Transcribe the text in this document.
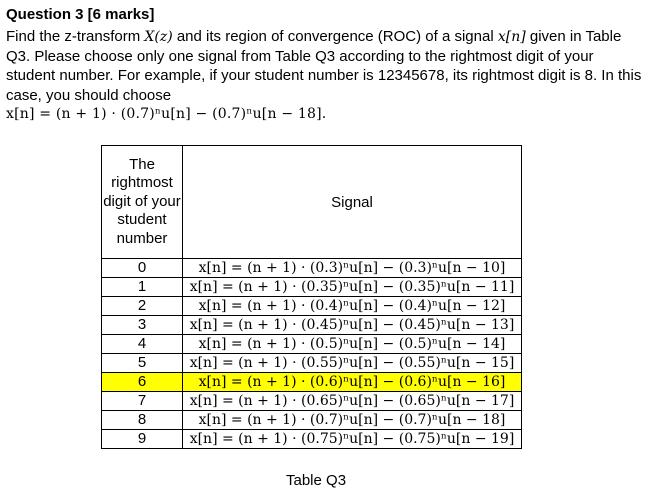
Question 3 [6 marks]
Find the z-transform X(z) and its region of convergence (ROC) of a signal x[n] given in Table Q3. Please choose only one signal from Table Q3 according to the rightmost digit of your student number. For example, if your student number is 12345678, its rightmost digit is 8. In this case, you should choose
x[n] = (n + 1) · (0.7)ⁿu[n] − (0.7)ⁿu[n − 18].
The rightmost digit of your student number	Signal
0	x[n] = (n + 1) · (0.3)ⁿu[n] − (0.3)ⁿu[n − 10]
1	x[n] = (n + 1) · (0.35)ⁿu[n] − (0.35)ⁿu[n − 11]
2	x[n] = (n + 1) · (0.4)ⁿu[n] − (0.4)ⁿu[n − 12]
3	x[n] = (n + 1) · (0.45)ⁿu[n] − (0.45)ⁿu[n − 13]
4	x[n] = (n + 1) · (0.5)ⁿu[n] − (0.5)ⁿu[n − 14]
5	x[n] = (n + 1) · (0.55)ⁿu[n] − (0.55)ⁿu[n − 15]
6	x[n] = (n + 1) · (0.6)ⁿu[n] − (0.6)ⁿu[n − 16]
7	x[n] = (n + 1) · (0.65)ⁿu[n] − (0.65)ⁿu[n − 17]
8	x[n] = (n + 1) · (0.7)ⁿu[n] − (0.7)ⁿu[n − 18]
9	x[n] = (n + 1) · (0.75)ⁿu[n] − (0.75)ⁿu[n − 19]
Table Q3
